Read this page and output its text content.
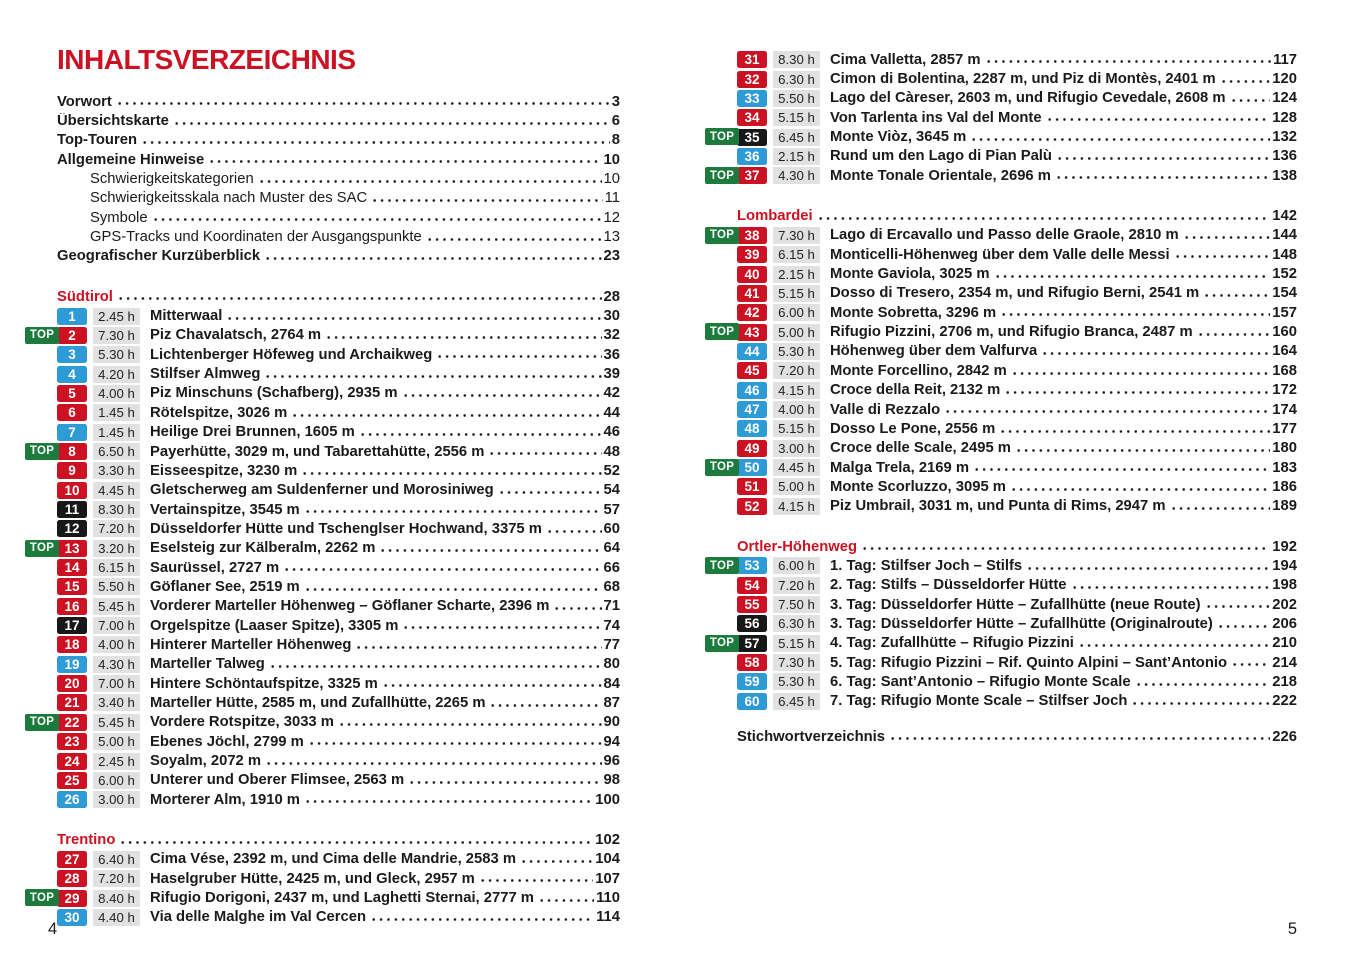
INHALTSVERZEICHNIS
Vorwort	3
Übersichtskarte	6
Top-Touren	8
Allgemeine Hinweise	10
Schwierigkeitskategorien	10
Schwierigkeitsskala nach Muster des SAC	11
Symbole	12
GPS-Tracks und Koordinaten der Ausgangspunkte	13
Geografischer Kurzüberblick	23
Südtirol	28
1	2.45 h	Mitterwaal	30
TOP	2	7.30 h	Piz Chavalatsch, 2764 m	32
3	5.30 h	Lichtenberger Höfeweg und Archaikweg	36
4	4.20 h	Stilfser Almweg	39
5	4.00 h	Piz Minschuns (Schafberg), 2935 m	42
6	1.45 h	Rötelspitze, 3026 m	44
7	1.45 h	Heilige Drei Brunnen, 1605 m	46
TOP	8	6.50 h	Payerhütte, 3029 m, und Tabarettahütte, 2556 m	48
9	3.30 h	Eisseespitze, 3230 m	52
10	4.45 h	Gletscherweg am Suldenferner und Morosiniweg	54
11	8.30 h	Vertainspitze, 3545 m	57
12	7.20 h	Düsseldorfer Hütte und Tschenglser Hochwand, 3375 m	60
TOP 13	3.20 h	Eselsteig zur Kälberalm, 2262 m	64
14	6.15 h	Saurüssel, 2727 m	66
15	5.50 h	Göflaner See, 2519 m	68
16	5.45 h	Vorderer Marteller Höhenweg – Göflaner Scharte, 2396 m	71
17	7.00 h	Orgelspitze (Laaser Spitze), 3305 m	74
18	4.00 h	Hinterer Marteller Höhenweg	77
19	4.30 h	Marteller Talweg	80
20	7.00 h	Hintere Schöntaufspitze, 3325 m	84
21	3.40 h	Marteller Hütte, 2585 m, und Zufallhütte, 2265 m	87
TOP 22	5.45 h	Vordere Rotspitze, 3033 m	90
23	5.00 h	Ebenes Jöchl, 2799 m	94
24	2.45 h	Soyalm, 2072 m	96
25	6.00 h	Unterer und Oberer Flimsee, 2563 m	98
26	3.00 h	Morterer Alm, 1910 m	100
Trentino	102
27	6.40 h	Cima Vése, 2392 m, und Cima delle Mandrie, 2583 m	104
28	7.20 h	Haselgruber Hütte, 2425 m, und Gleck, 2957 m	107
TOP 29	8.40 h	Rifugio Dorigoni, 2437 m, und Laghetti Sternai, 2777 m	110
30	4.40 h	Via delle Malghe im Val Cercen	114
4
31	8.30 h	Cima Valletta, 2857 m	117
32	6.30 h	Cimon di Bolentina, 2287 m, und Piz di Montès, 2401 m	120
33	5.50 h	Lago del Càreser, 2603 m, und Rifugio Cevedale, 2608 m	124
34	5.15 h	Von Tarlenta ins Val del Monte	128
TOP 35	6.45 h	Monte Viòz, 3645 m	132
36	2.15 h	Rund um den Lago di Pian Palù	136
TOP 37	4.30 h	Monte Tonale Orientale, 2696 m	138
Lombardei	142
TOP 38	7.30 h	Lago di Ercavallo und Passo delle Graole, 2810 m	144
39	6.15 h	Monticelli-Höhenweg über dem Valle delle Messi	148
40	2.15 h	Monte Gaviola, 3025 m	152
41	5.15 h	Dosso di Tresero, 2354 m, und Rifugio Berni, 2541 m	154
42	6.00 h	Monte Sobretta, 3296 m	157
TOP 43	5.00 h	Rifugio Pizzini, 2706 m, und Rifugio Branca, 2487 m	160
44	5.30 h	Höhenweg über dem Valfurva	164
45	7.20 h	Monte Forcellino, 2842 m	168
46	4.15 h	Croce della Reit, 2132 m	172
47	4.00 h	Valle di Rezzalo	174
48	5.15 h	Dosso Le Pone, 2556 m	177
49	3.00 h	Croce delle Scale, 2495 m	180
TOP 50	4.45 h	Malga Trela, 2169 m	183
51	5.00 h	Monte Scorluzzo, 3095 m	186
52	4.15 h	Piz Umbrail, 3031 m, und Punta di Rims, 2947 m	189
Ortler-Höhenweg	192
TOP 53	6.00 h	1. Tag: Stilfser Joch – Stilfs	194
54	7.20 h	2. Tag: Stilfs – Düsseldorfer Hütte	198
55	7.50 h	3. Tag: Düsseldorfer Hütte – Zufallhütte (neue Route)	202
56	6.30 h	3. Tag: Düsseldorfer Hütte – Zufallhütte (Originalroute)	206
TOP 57	5.15 h	4. Tag: Zufallhütte – Rifugio Pizzini	210
58	7.30 h	5. Tag: Rifugio Pizzini – Rif. Quinto Alpini – Sant’Antonio	214
59	5.30 h	6. Tag: Sant’Antonio – Rifugio Monte Scale	218
60	6.45 h	7. Tag: Rifugio Monte Scale – Stilfser Joch	222
Stichwortverzeichnis	226
5
